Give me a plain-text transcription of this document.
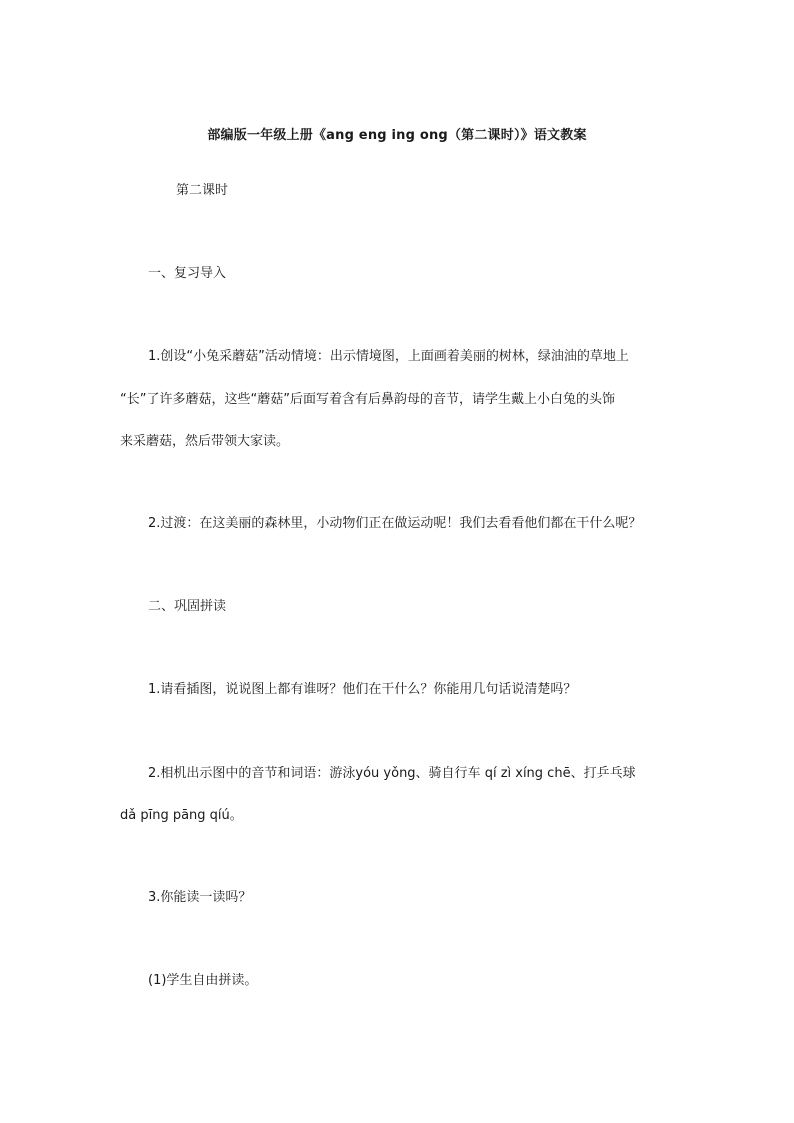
部编版一年级上册《ang eng ing ong（第二课时）》语文教案
第二课时
一、复习导入
1.创设“小兔采蘑菇”活动情境：出示情境图，上面画着美丽的树林，绿油油的草地上
“长”了许多蘑菇，这些“蘑菇”后面写着含有后鼻韵母的音节，请学生戴上小白兔的头饰
来采蘑菇，然后带领大家读。
2.过渡：在这美丽的森林里，小动物们正在做运动呢！我们去看看他们都在干什么呢？
二、巩固拼读
1.请看插图，说说图上都有谁呀？他们在干什么？你能用几句话说清楚吗？
2.相机出示图中的音节和词语：游泳yóu yǒng、骑自行车 qí zì xíng chē、打乒乓球
dǎ pīng pāng qíú。
3.你能读一读吗？
(1)学生自由拼读。
